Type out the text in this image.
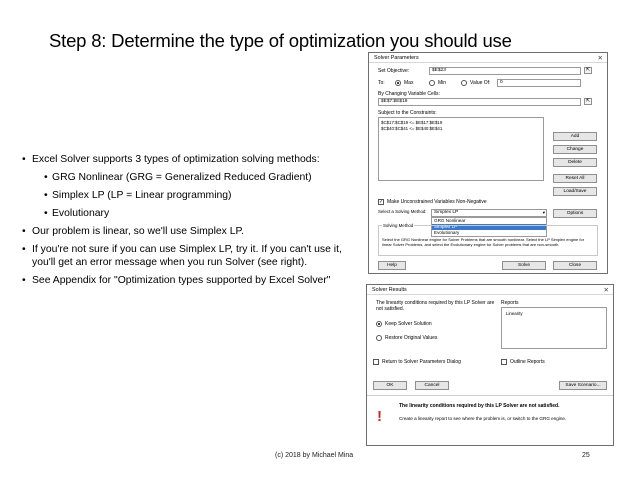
Step 8: Determine the type of optimization you should use
• Excel Solver supports 3 types of optimization solving methods:
• GRG Nonlinear (GRG = Generalized Reduced Gradient)
• Simplex LP (LP = Linear programming)
• Evolutionary
• Our problem is linear, so we'll use Simplex LP.
• If you're not sure if you can use Simplex LP, try it. If you can't use it, you'll get an error message when you run Solver (see right).
• See Appendix for "Optimization types supported by Excel Solver"
(c) 2018 by Michael Mina	25
Solver Parameters	✕
Set Objective:	$E$23	⇱
To:	Max	Min	Value Of:	0
By Changing Variable Cells:
$E$7:$E$19	⇱
Subject to the Constraints:
$C$17:$C$19 <= $E$17:$E$19
$C$40:$C$41 <= $E$40:$E$41
Add
Change
Delete
Reset All
Load/Save
✓ Make Unconstrained Variables Non-Negative
Select a Solving Method:	Simplex LP	▾
GRG Nonlinear
Simplex LP
Evolutionary
Options
Solving Method
Select the GRG Nonlinear engine for Solver Problems that are smooth nonlinear. Select the LP Simplex engine for linear Solver Problems, and select the Evolutionary engine for Solver problems that are non-smooth.
Help	Solve	Close
Solver Results	✕
The linearity conditions required by this LP Solver are not satisfied.
Reports
Linearity
Keep Solver Solution
Restore Original Values
Return to Solver Parameters Dialog	Outline Reports
OK	Cancel	Save Scenario...
!
The linearity conditions required by this LP Solver are not satisfied.
Create a linearity report to see where the problem is, or switch to the GRG engine.
